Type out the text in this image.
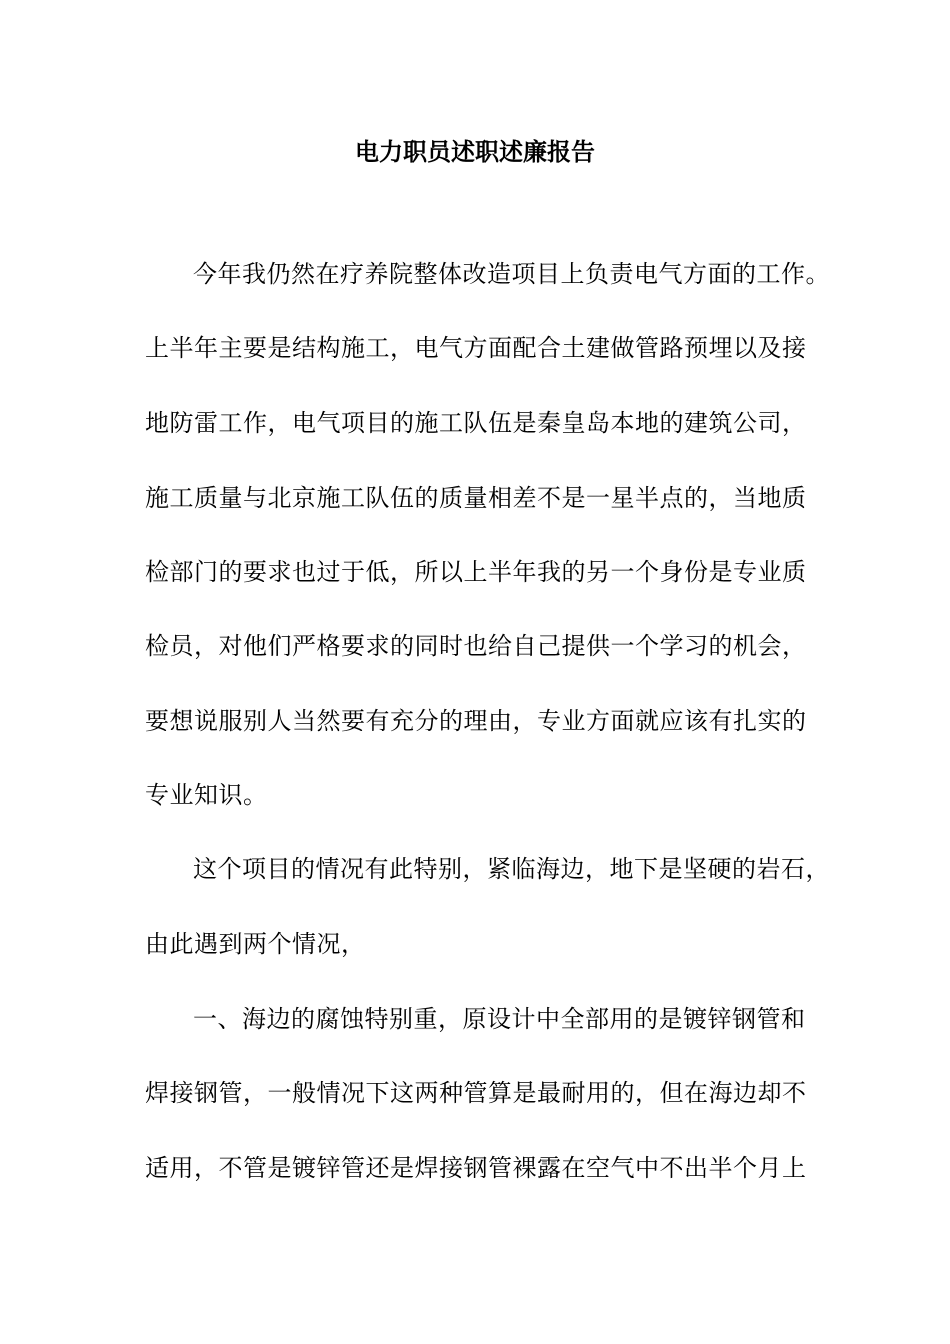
电力职员述职述廉报告
今年我仍然在疗养院整体改造项目上负责电气方面的工作。
上半年主要是结构施工，电气方面配合土建做管路预埋以及接
地防雷工作，电气项目的施工队伍是秦皇岛本地的建筑公司，
施工质量与北京施工队伍的质量相差不是一星半点的，当地质
检部门的要求也过于低，所以上半年我的另一个身份是专业质
检员，对他们严格要求的同时也给自己提供一个学习的机会，
要想说服别人当然要有充分的理由，专业方面就应该有扎实的
专业知识。
这个项目的情况有此特别，紧临海边，地下是坚硬的岩石，
由此遇到两个情况，
一、海边的腐蚀特别重，原设计中全部用的是镀锌钢管和
焊接钢管，一般情况下这两种管算是最耐用的，但在海边却不
适用，不管是镀锌管还是焊接钢管裸露在空气中不出半个月上
